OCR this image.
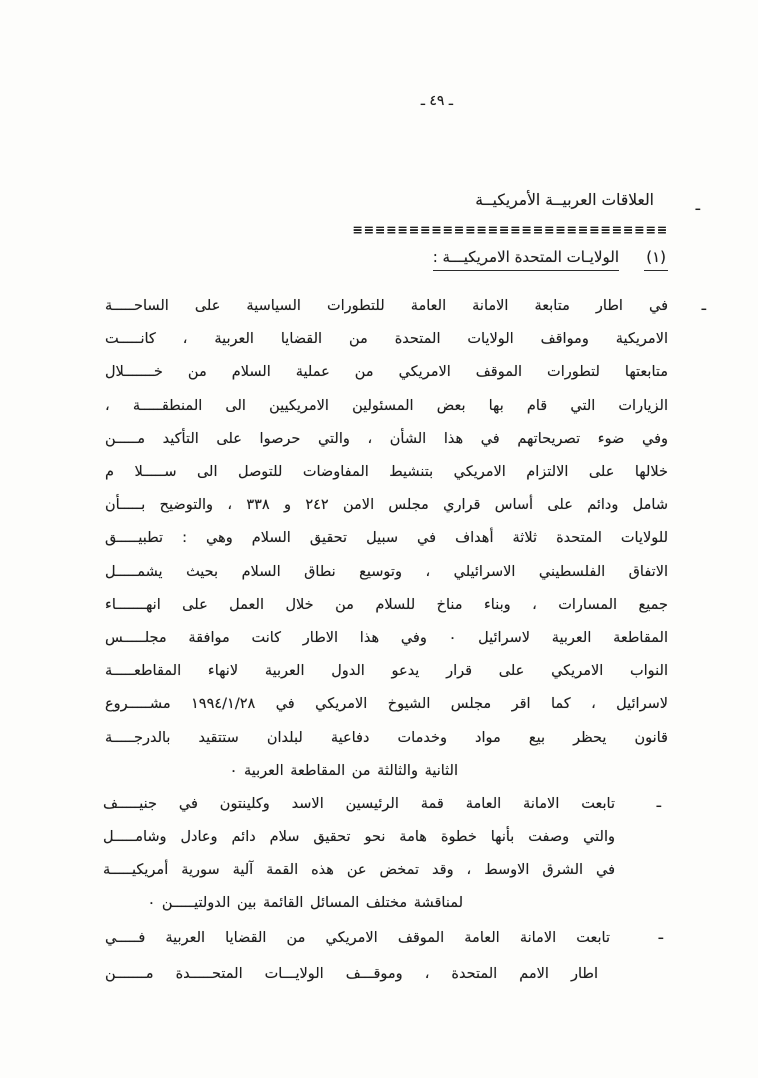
ـ ٤٩ ـ
ـ
العلاقات العربيــة الأمريكيــة
============================
(١)
الولايـات المتحدة الامريكيـــة :
ـ
في اطار متابعة الامانة العامة للتطورات السياسية على الساحـــــة
الامريكية ومواقف الولايات المتحدة من القضايا العربية ، كانـــــت
متابعتها لتطورات الموقف الامريكي من عملية السلام من خـــــــلال
الزيارات التي قام بها بعض المسئولين الامريكيين الى المنطقـــــة ،
وفي ضوء تصريحاتهم في هذا الشأن ، والتي حرصوا على التأكيد مـــــن
خلالها على الالتزام الامريكي بتنشيط المفاوضات للتوصل الى ســـــلا م
شامل ودائم على أساس قراري مجلس الامن ٢٤٢ و ٣٣٨ ، والتوضيح بـــــأن
للولايات المتحدة ثلاثة أهداف في سبيل تحقيق السلام وهي : تطبيـــــق
الاتفاق الفلسطيني الاسرائيلي ، وتوسيع نطاق السلام بحيث يشمـــــل
جميع المسارات ، وبناء مناخ للسلام من خلال العمل على انهـــــــاء
المقاطعة العربية لاسرائيل ٠ وفي هذا الاطار كانت موافقة مجلـــــس
النواب الامريكي على قرار يدعو الدول العربية لانهاء المقاطعـــــة
لاسرائيل ، كما اقر مجلس الشيوخ الامريكي في ١٩٩٤/١/٢٨ مشـــــروع
قانون يحظر بيع مواد وخدمات دفاعية لبلدان ستتقيد بالدرجـــــة
الثانية والثالثة من المقاطعة العربية ٠
ـ
تابعت الامانة العامة قمة الرئيسين الاسد وكلينتون في جنيـــــف
والتي وصفت بأنها خطوة هامة نحو تحقيق سلام دائم وعادل وشامـــــل
في الشرق الاوسط ، وقد تمخض عن هذه القمة آلية سورية أمريكيـــــة
لمناقشة مختلف المسائل القائمة بين الدولتيـــــن ٠
ـ
تابعت الامانة العامة الموقف الامريكي من القضايا العربية فـــــي
اطار الامم المتحدة ، وموقـــف الولايـــات المتحـــــدة مـــــــن
